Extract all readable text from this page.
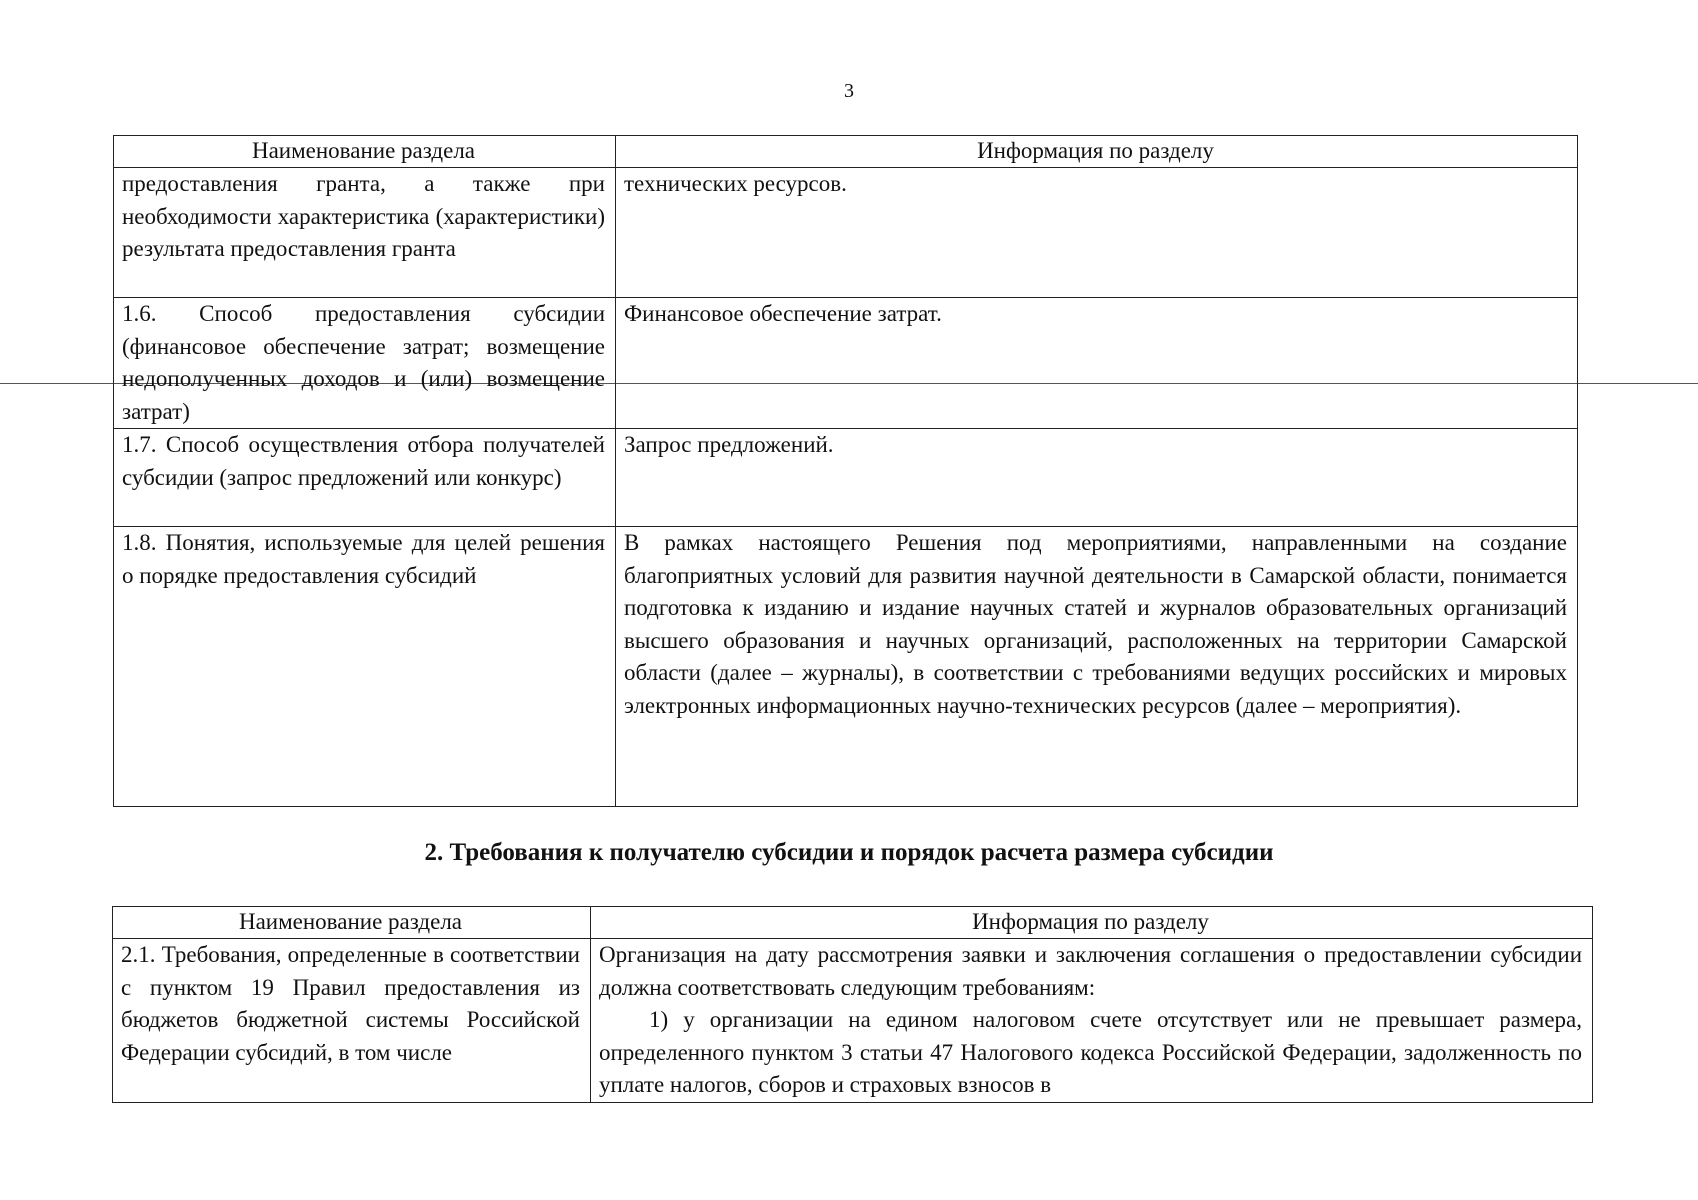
3
Наименование раздела	Информация по разделу
предоставления гранта, а также при необходимости характеристика (характеристики) результата предоставления гранта	технических ресурсов.
1.6. Способ предоставления субсидии (финансовое обеспечение затрат; возмещение недополученных доходов и (или) возмещение затрат)	Финансовое обеспечение затрат.
1.7. Способ осуществления отбора получателей субсидии (запрос предложений или конкурс)	Запрос предложений.
1.8. Понятия, используемые для целей решения о порядке предоставления субсидий	В рамках настоящего Решения под мероприятиями, направленными на создание благоприятных условий для развития научной деятельности в Самарской области, понимается подготовка к изданию и издание научных статей и журналов образовательных организаций высшего образования и научных организаций, расположенных на территории Самарской области (далее – журналы), в соответствии с требованиями ведущих российских и мировых электронных информационных научно-технических ресурсов (далее – мероприятия).
2. Требования к получателю субсидии и порядок расчета размера субсидии
Наименование раздела	Информация по разделу
2.1. Требования, определенные в соответствии с пунктом 19 Правил предоставления из бюджетов бюджетной системы Российской Федерации субсидий, в том числе	Организация на дату рассмотрения заявки и заключения соглашения о предоставлении субсидии должна соответствовать следующим требованиям:
1) у организации на едином налоговом счете отсутствует или не превышает размера, определенного пунктом 3 статьи 47 Налогового кодекса Российской Федерации, задолженность по уплате налогов, сборов и страховых взносов в
